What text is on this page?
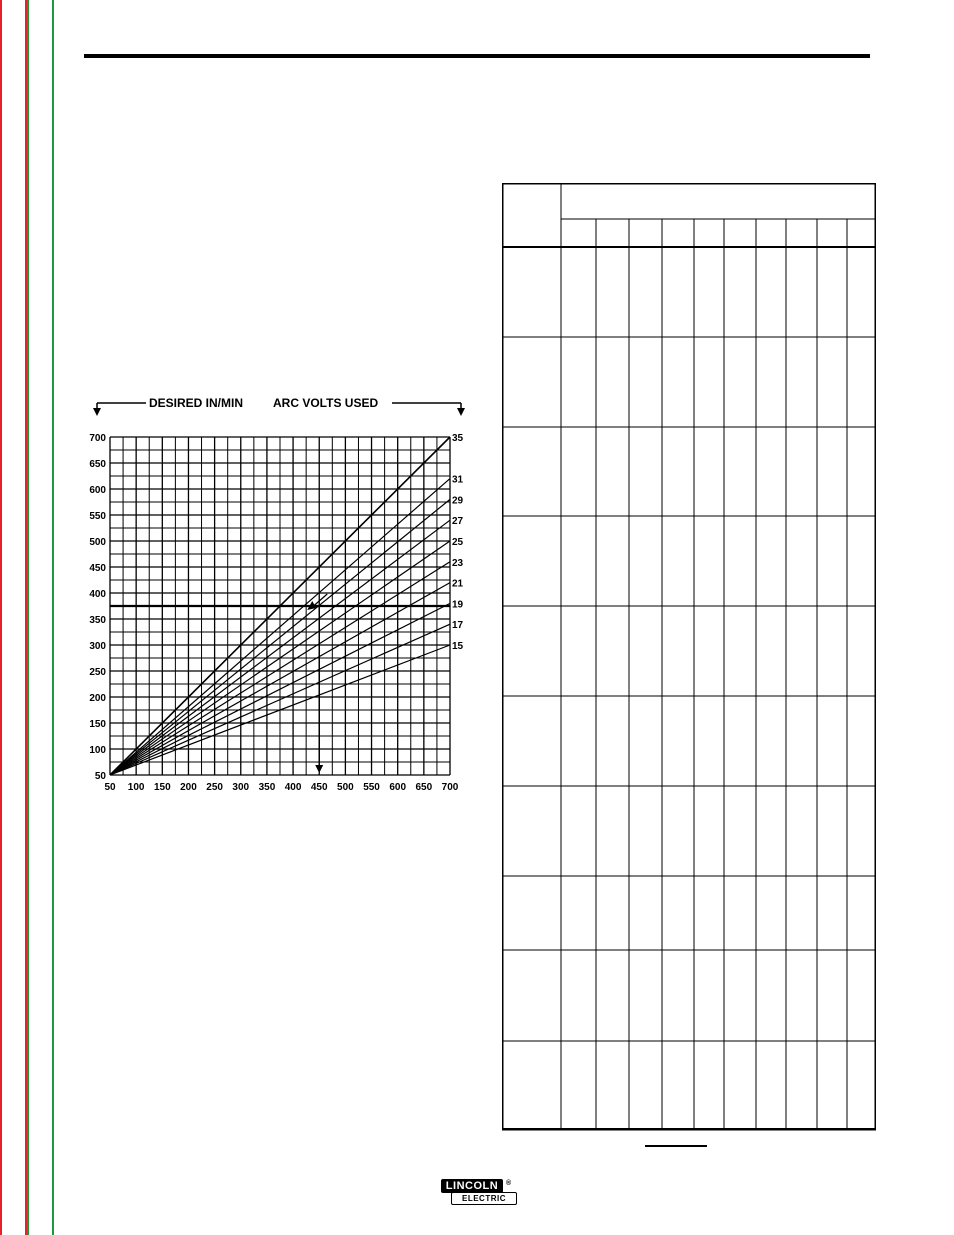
35
31
29
27
25
23
21
19
17
15
50
100
150
200
250
300
350
400
450
500
550
600
650
700
50 100 150 200 250 300 350 400 450 500 550 600 650 700
DESIRED IN/MIN ARC VOLTS USED
LINCOLN	®
ELECTRIC
